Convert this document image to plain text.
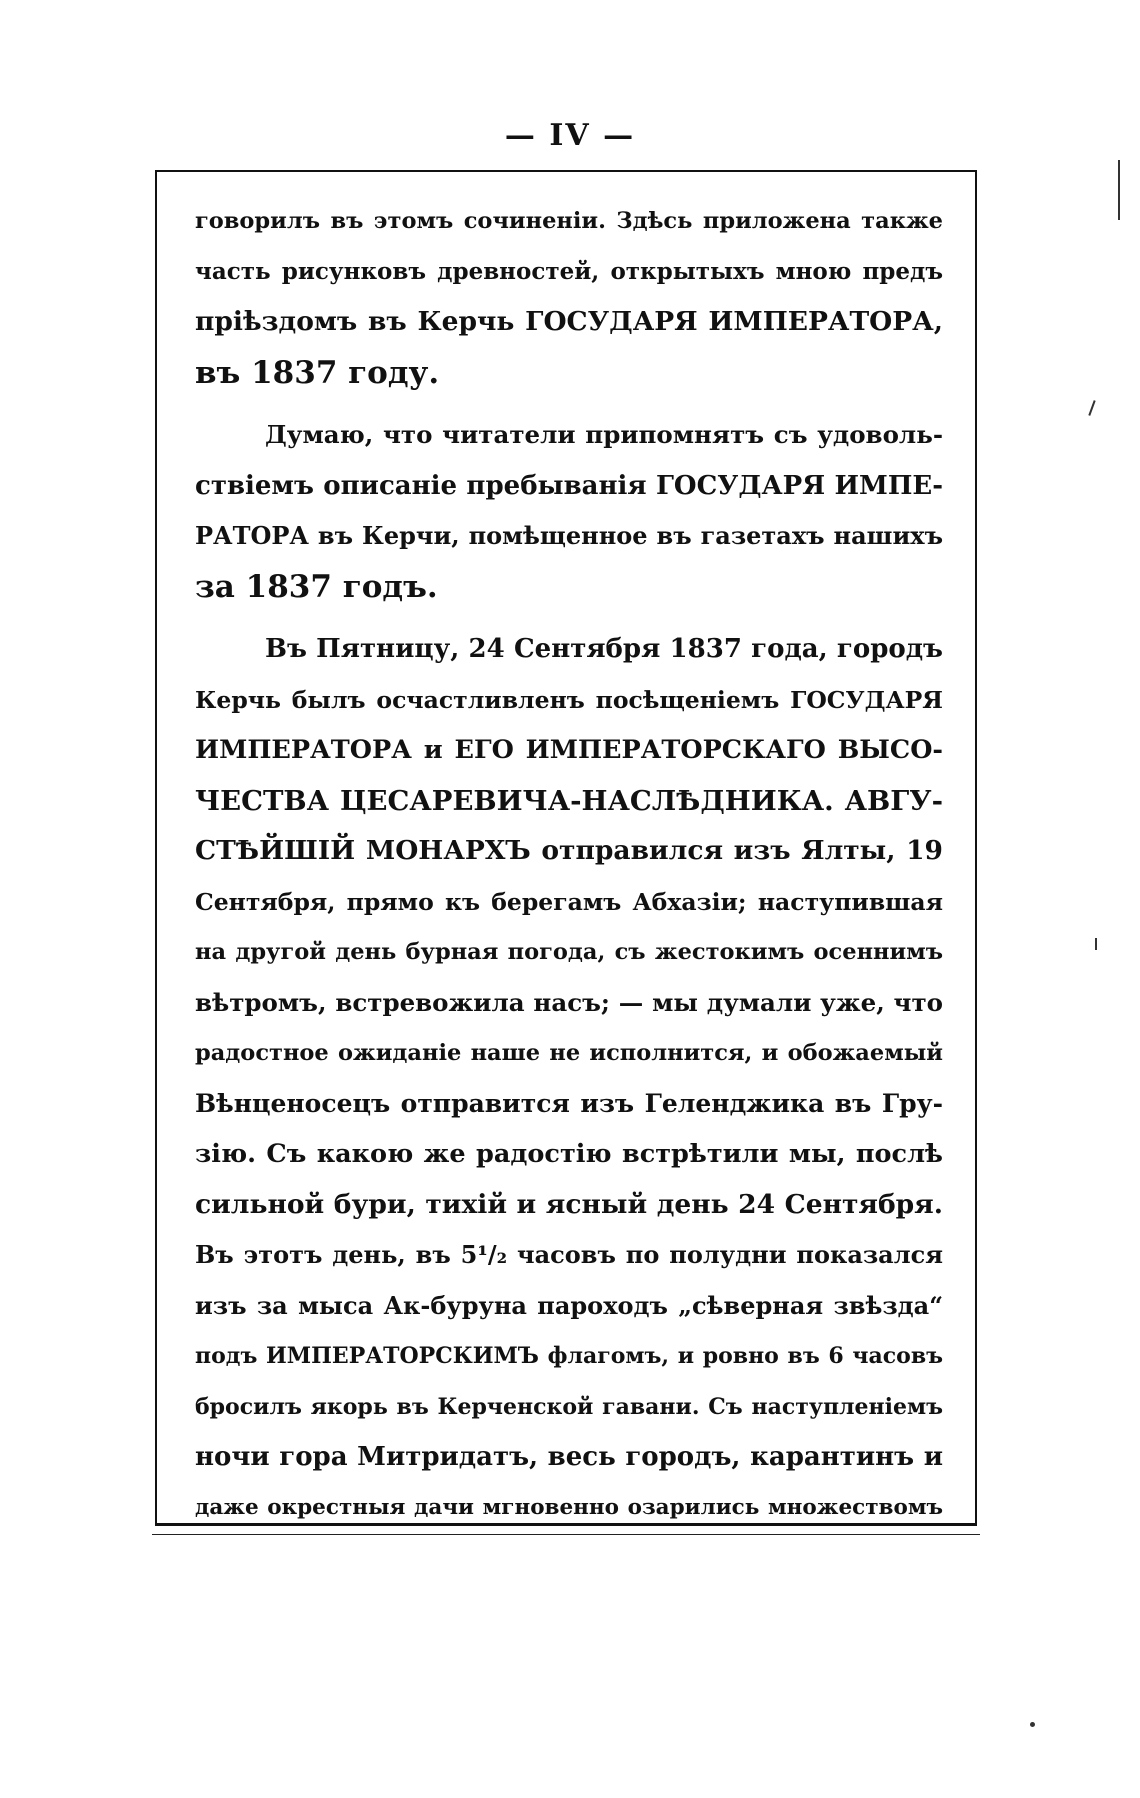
— IV —
говорилъ въ этомъ сочиненіи. Здѣсь приложена также
часть рисунковъ древностей, открытыхъ мною предъ
пріѣздомъ въ Керчь ГОСУДАРЯ ИМПЕРАТОРА,
въ 1837 году.
Думаю, что читатели припомнятъ съ удоволь-
ствіемъ описаніе пребыванія ГОСУДАРЯ ИМПЕ-
РАТОРА въ Керчи, помѣщенное въ газетахъ нашихъ
за 1837 годъ.
Въ Пятницу, 24 Сентября 1837 года, городъ
Керчь былъ осчастливленъ посѣщеніемъ ГОСУДАРЯ
ИМПЕРАТОРА и ЕГО ИМПЕРАТОРСКАГО ВЫСО-
ЧЕСТВА ЦЕСАРЕВИЧА-НАСЛѢДНИКА. АВГУ-
СТѢЙШІЙ МОНАРХЪ отправился изъ Ялты, 19
Сентября, прямо къ берегамъ Абхазіи; наступившая
на другой день бурная погода, съ жестокимъ осеннимъ
вѣтромъ, встревожила насъ; — мы думали уже, что
радостное ожиданіе наше не исполнится, и обожаемый
Вѣнценосецъ отправится изъ Геленджика въ Гру-
зію. Съ какою же радостію встрѣтили мы, послѣ
сильной бури, тихій и ясный день 24 Сентября.
Въ этотъ день, въ 5¹/₂ часовъ по полудни показался
изъ за мыса Ак-буруна пароходъ „сѣверная звѣзда“
подъ ИМПЕРАТОРСКИМЪ флагомъ, и ровно въ 6 часовъ
бросилъ якорь въ Керченской гавани. Съ наступленіемъ
ночи гора Митридатъ, весь городъ, карантинъ и
даже окрестныя дачи мгновенно озарились множествомъ
